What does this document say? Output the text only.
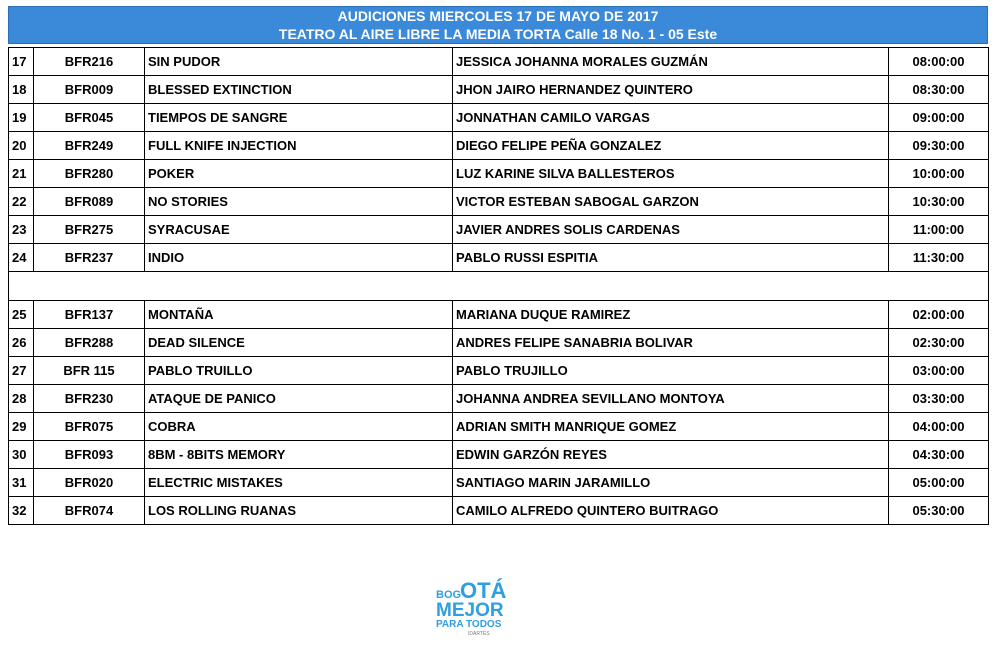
AUDICIONES MIERCOLES 17 DE MAYO DE 2017
TEATRO AL AIRE LIBRE LA MEDIA TORTA Calle 18 No. 1 - 05 Este
17	BFR216	SIN PUDOR	JESSICA JOHANNA MORALES GUZMÁN	08:00:00
18	BFR009	BLESSED EXTINCTION	JHON JAIRO HERNANDEZ QUINTERO	08:30:00
19	BFR045	TIEMPOS DE SANGRE	JONNATHAN CAMILO VARGAS	09:00:00
20	BFR249	FULL KNIFE INJECTION	DIEGO FELIPE PEÑA GONZALEZ	09:30:00
21	BFR280	POKER	LUZ KARINE SILVA BALLESTEROS	10:00:00
22	BFR089	NO STORIES	VICTOR ESTEBAN SABOGAL GARZON	10:30:00
23	BFR275	SYRACUSAE	JAVIER ANDRES SOLIS CARDENAS	11:00:00
24	BFR237	INDIO	PABLO RUSSI ESPITIA	11:30:00

25	BFR137	MONTAÑA	MARIANA DUQUE RAMIREZ	02:00:00
26	BFR288	DEAD SILENCE	ANDRES FELIPE SANABRIA BOLIVAR	02:30:00
27	BFR 115	PABLO TRUILLO	PABLO TRUJILLO	03:00:00
28	BFR230	ATAQUE DE PANICO	JOHANNA ANDREA SEVILLANO MONTOYA	03:30:00
29	BFR075	COBRA	ADRIAN SMITH MANRIQUE GOMEZ	04:00:00
30	BFR093	8BM - 8BITS MEMORY	EDWIN GARZÓN REYES	04:30:00
31	BFR020	ELECTRIC MISTAKES	SANTIAGO MARIN JARAMILLO	05:00:00
32	BFR074	LOS ROLLING RUANAS	CAMILO ALFREDO QUINTERO BUITRAGO	05:30:00
BOG
OTÁ
MEJOR
PARA TODOS
IDARTES
